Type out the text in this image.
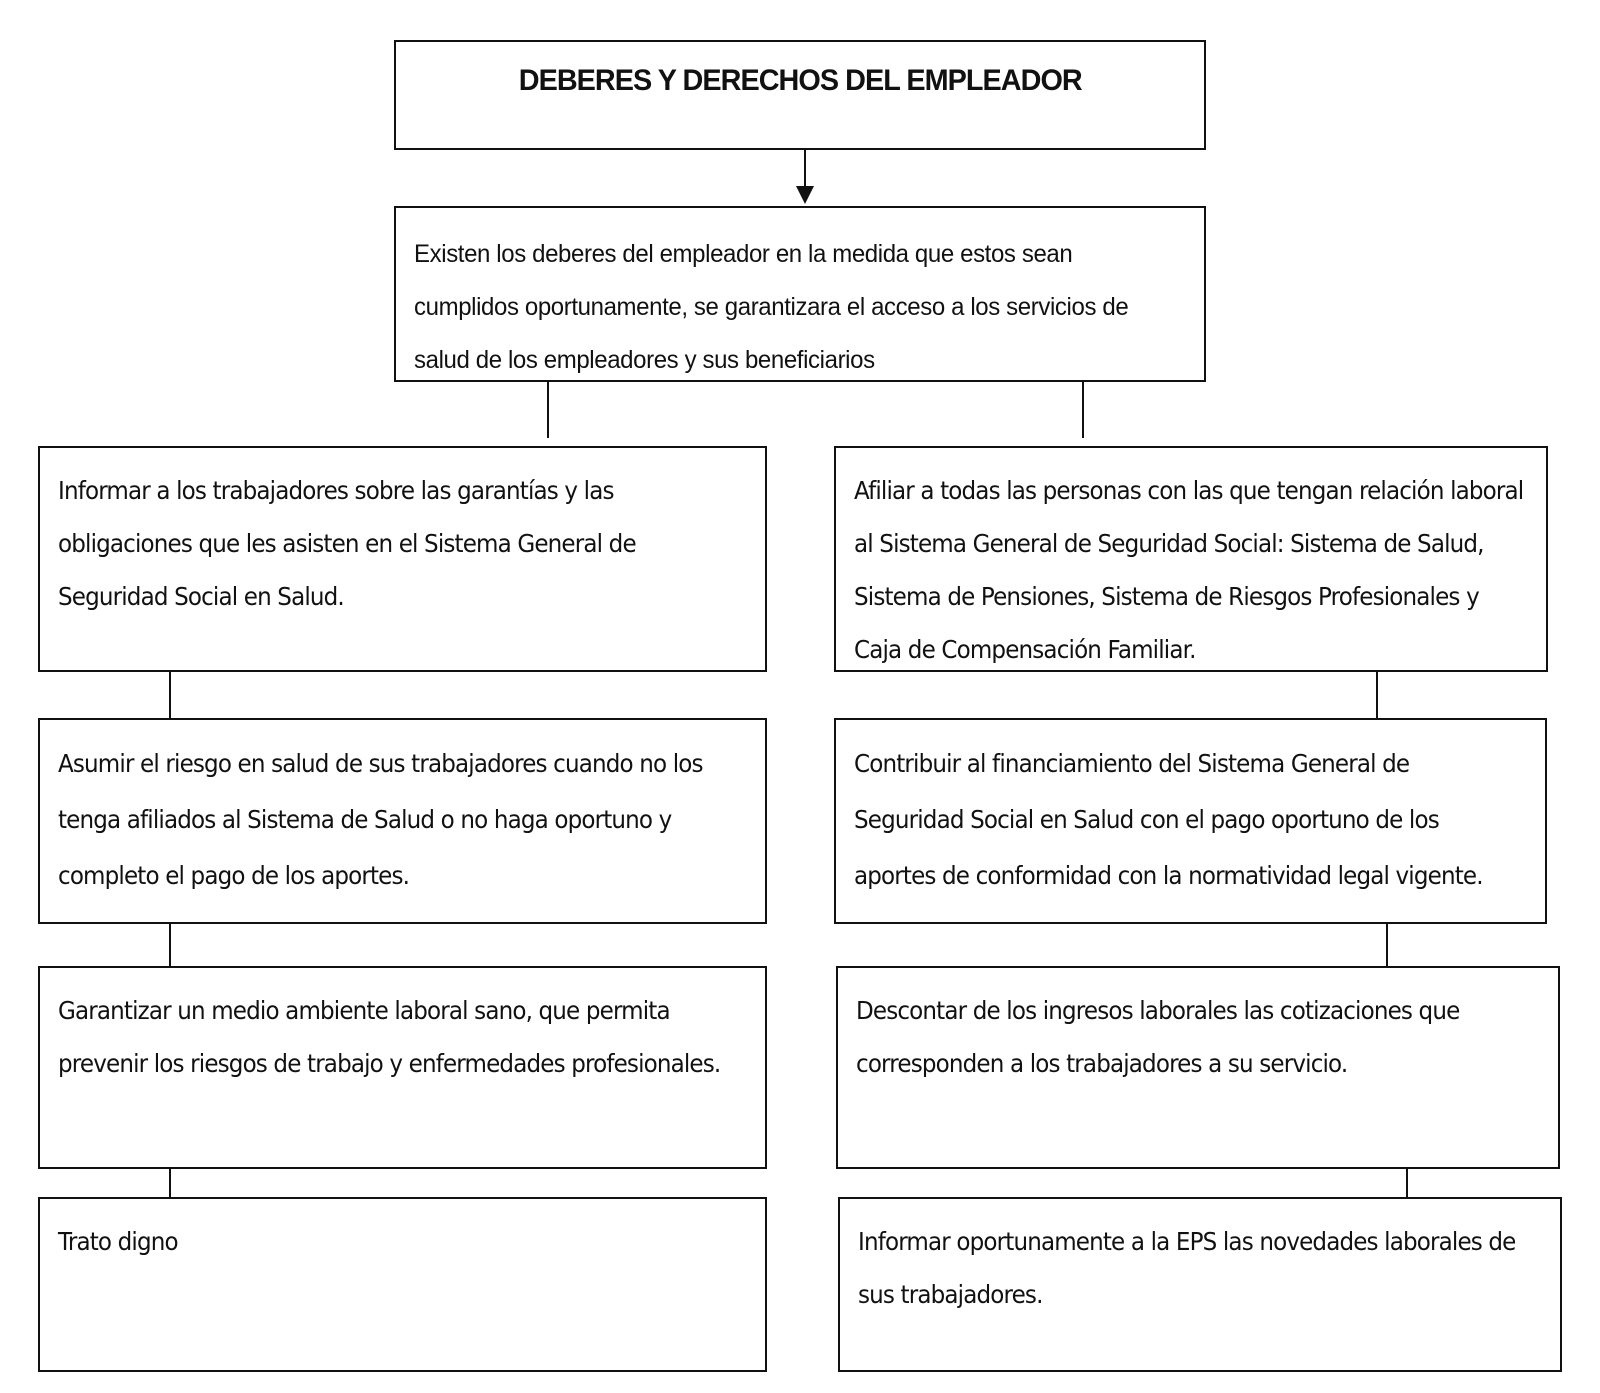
DEBERES Y DERECHOS DEL EMPLEADOR
Existen los deberes del empleador en la medida que estos sean cumplidos oportunamente, se garantizara el acceso a los servicios de salud de los empleadores y sus beneficiarios
Informar a los trabajadores sobre las garantías y las obligaciones que les asisten en el Sistema General de Seguridad Social en Salud.
Asumir el riesgo en salud de sus trabajadores cuando no los tenga afiliados al Sistema de Salud o no haga oportuno y completo el pago de los aportes.
Garantizar un medio ambiente laboral sano, que permita prevenir los riesgos de trabajo y enfermedades profesionales.
Trato digno
Afiliar a todas las personas con las que tengan relación laboral al Sistema General de Seguridad Social: Sistema de Salud, Sistema de Pensiones, Sistema de Riesgos Profesionales y Caja de Compensación Familiar.
Contribuir al financiamiento del Sistema General de Seguridad Social en Salud con el pago oportuno de los aportes de conformidad con la normatividad legal vigente.
Descontar de los ingresos laborales las cotizaciones que corresponden a los trabajadores a su servicio.
Informar oportunamente a la EPS las novedades laborales de sus trabajadores.
